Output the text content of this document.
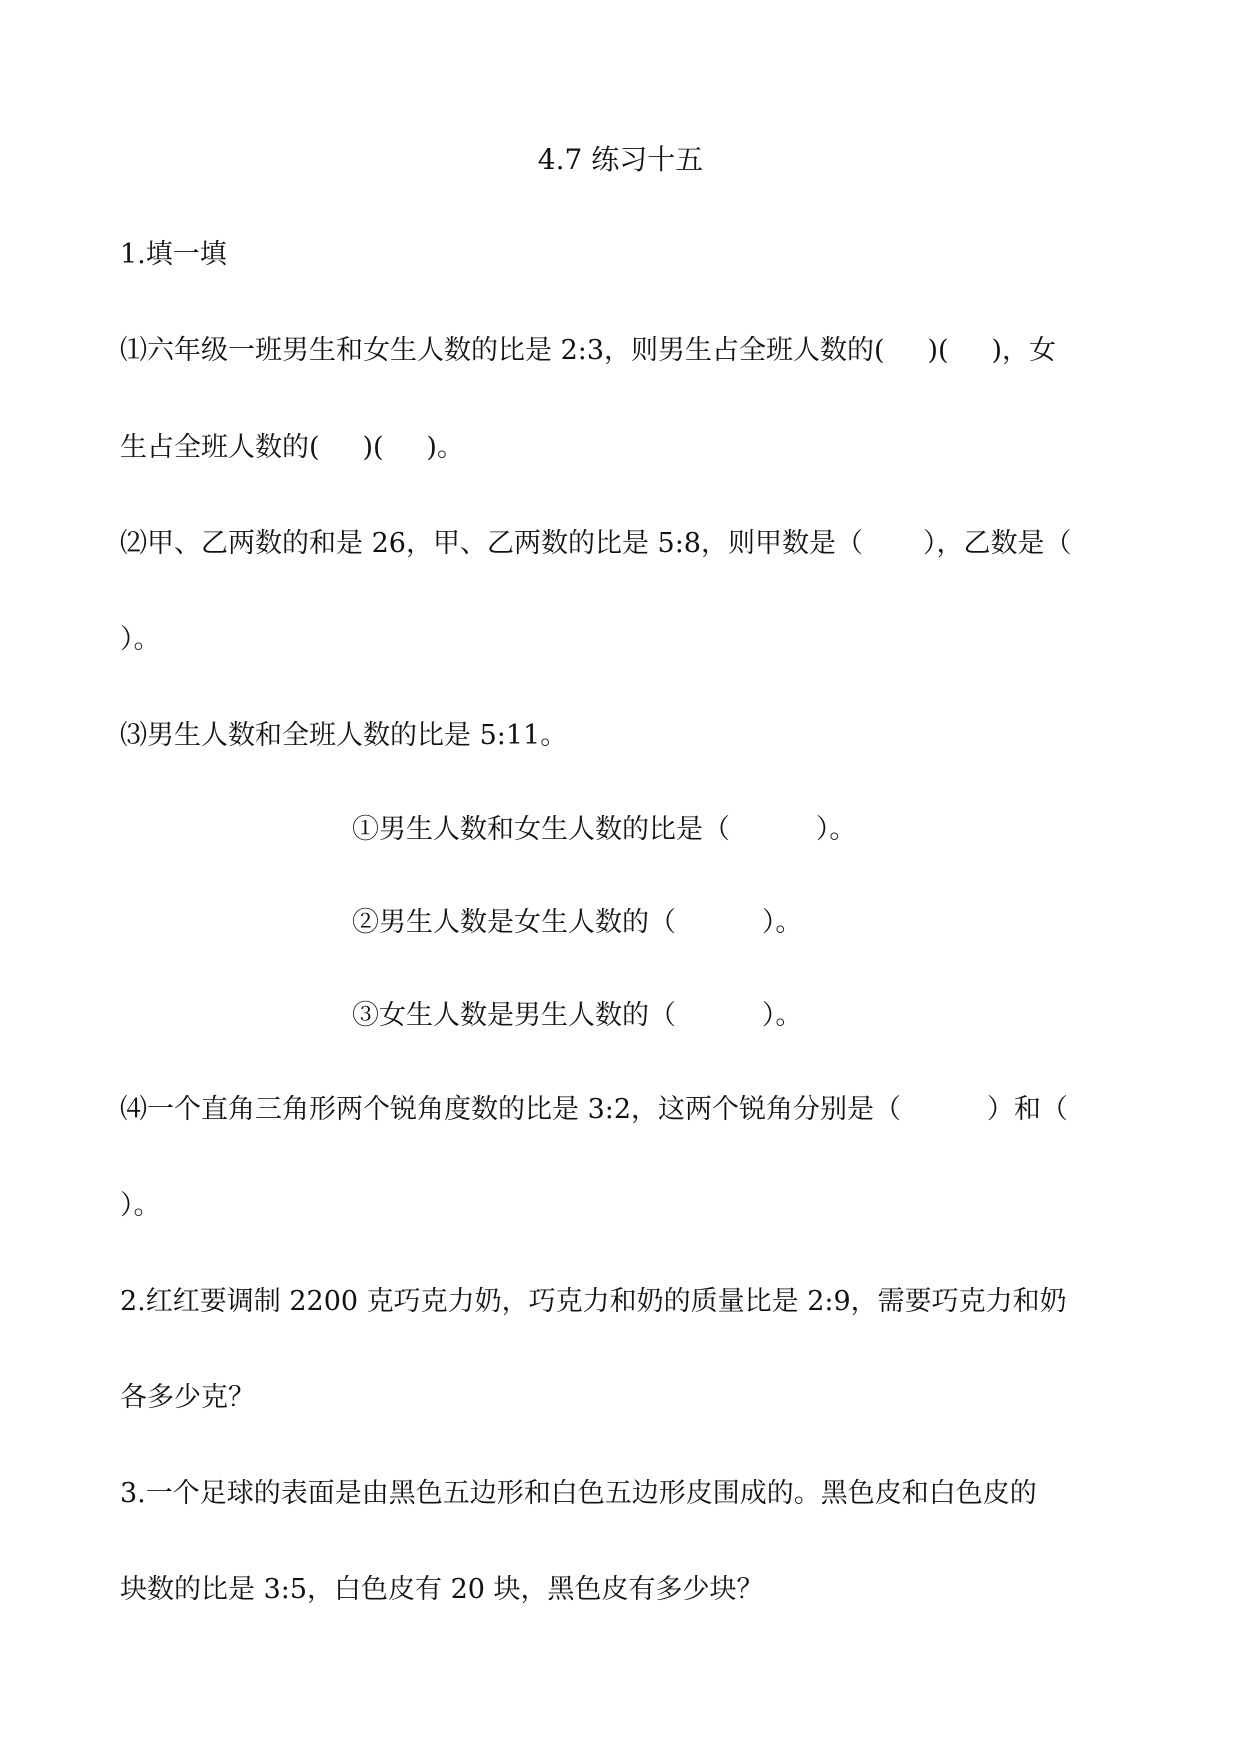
4.7 练习十五

1.填一填

⑴六年级一班男生和女生人数的比是 2:3，则男生占全班人数的(     )(     )，女

生占全班人数的(     )(     )。

⑵甲、乙两数的和是 26，甲、乙两数的比是 5:8，则甲数是（       ），乙数是（

）。

⑶男生人数和全班人数的比是 5:11。

①男生人数和女生人数的比是（          ）。

②男生人数是女生人数的（          ）。

③女生人数是男生人数的（          ）。

⑷一个直角三角形两个锐角度数的比是 3:2，这两个锐角分别是（          ）和（

）。

2.红红要调制 2200 克巧克力奶，巧克力和奶的质量比是 2:9，需要巧克力和奶

各多少克？

3.一个足球的表面是由黑色五边形和白色五边形皮围成的。黑色皮和白色皮的

块数的比是 3:5，白色皮有 20 块，黑色皮有多少块？
